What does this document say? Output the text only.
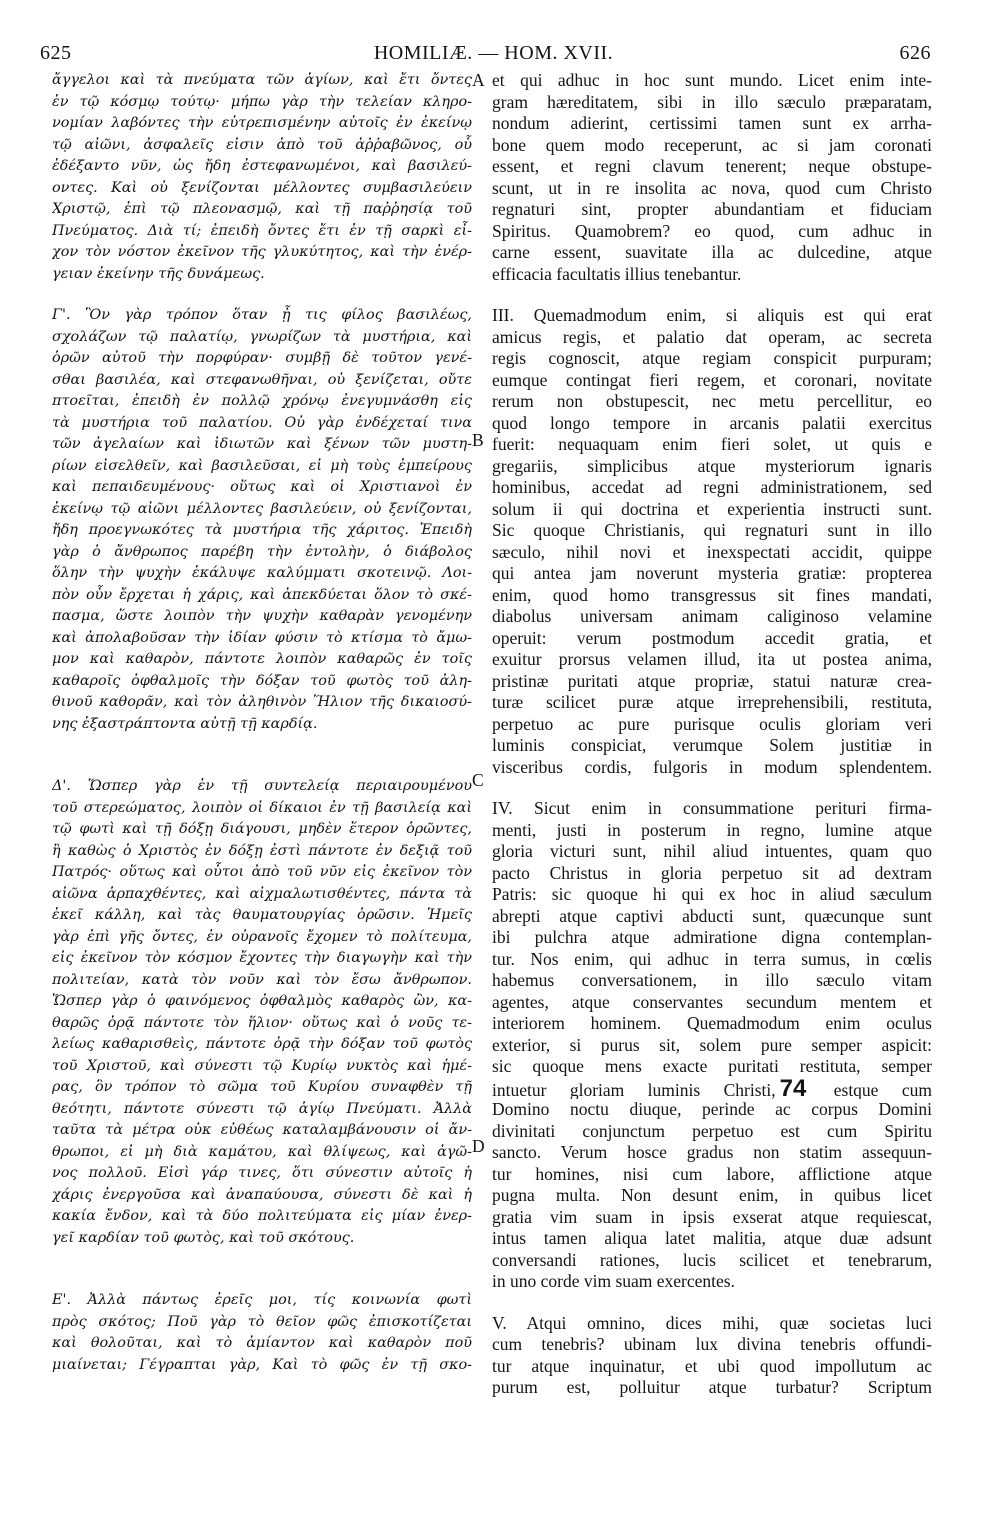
625	HOMILIÆ. — HOM. XVII.	626
ἄγγελοι καὶ τὰ πνεύματα τῶν ἁγίων, καὶ ἔτι ὄντες
ἐν τῷ κόσμῳ τούτῳ· μήπω γὰρ τὴν τελείαν κληρο-
νομίαν λαβόντες τὴν εὐτρεπισμένην αὐτοῖς ἐν ἐκείνῳ
τῷ αἰῶνι, ἀσφαλεῖς εἰσιν ἀπὸ τοῦ ἀῤῥαβῶνος, οὗ
ἐδέξαντο νῦν, ὡς ἤδη ἐστεφανωμένοι, καὶ βασιλεύ-
οντες. Καὶ οὐ ξενίζονται μέλλοντες συμβασιλεύειν
Χριστῷ, ἐπὶ τῷ πλεονασμῷ, καὶ τῇ παῤῥησίᾳ τοῦ
Πνεύματος. Διὰ τί; ἐπειδὴ ὄντες ἔτι ἐν τῇ σαρκὶ εἶ-
χον τὸν νόστον ἐκεῖνον τῆς γλυκύτητος, καὶ τὴν ἐνέρ-
γειαν ἐκείνην τῆς δυνάμεως.
Γ'. Ὃν γὰρ τρόπον ὅταν ᾖ τις φίλος βασιλέως,
σχολάζων τῷ παλατίῳ, γνωρίζων τὰ μυστήρια, καὶ
ὁρῶν αὐτοῦ τὴν πορφύραν· συμβῇ δὲ τοῦτον γενέ-
σθαι βασιλέα, καὶ στεφανωθῆναι, οὐ ξενίζεται, οὔτε
πτοεῖται, ἐπειδὴ ἐν πολλῷ χρόνῳ ἐνεγυμνάσθη εἰς
τὰ μυστήρια τοῦ παλατίου. Οὐ γὰρ ἐνδέχεταί τινα
τῶν ἀγελαίων καὶ ἰδιωτῶν καὶ ξένων τῶν μυστη-
ρίων εἰσελθεῖν, καὶ βασιλεῦσαι, εἰ μὴ τοὺς ἐμπείρους
καὶ πεπαιδευμένους· οὕτως καὶ οἱ Χριστιανοὶ ἐν
ἐκείνῳ τῷ αἰῶνι μέλλοντες βασιλεύειν, οὐ ξενίζονται,
ἤδη προεγνωκότες τὰ μυστήρια τῆς χάριτος. Ἐπειδὴ
γὰρ ὁ ἄνθρωπος παρέβη τὴν ἐντολὴν, ὁ διάβολος
ὅλην τὴν ψυχὴν ἐκάλυψε καλύμματι σκοτεινῷ. Λοι-
πὸν οὖν ἔρχεται ἡ χάρις, καὶ ἀπεκδύεται ὅλον τὸ σκέ-
πασμα, ὥστε λοιπὸν τὴν ψυχὴν καθαρὰν γενομένην
καὶ ἀπολαβοῦσαν τὴν ἰδίαν φύσιν τὸ κτίσμα τὸ ἄμω-
μον καὶ καθαρὸν, πάντοτε λοιπὸν καθαρῶς ἐν τοῖς
καθαροῖς ὀφθαλμοῖς τὴν δόξαν τοῦ φωτὸς τοῦ ἀλη-
θινοῦ καθορᾶν, καὶ τὸν ἀληθινὸν Ἥλιον τῆς δικαιοσύ-
νης ἐξαστράπτοντα αὐτῇ τῇ καρδίᾳ.
Δ'. Ὥσπερ γὰρ ἐν τῇ συντελείᾳ περιαιρουμένου
τοῦ στερεώματος, λοιπὸν οἱ δίκαιοι ἐν τῇ βασιλείᾳ καὶ
τῷ φωτὶ καὶ τῇ δόξῃ διάγουσι, μηδὲν ἕτερον ὁρῶντες,
ἢ καθὼς ὁ Χριστὸς ἐν δόξῃ ἐστὶ πάντοτε ἐν δεξιᾷ τοῦ
Πατρός· οὕτως καὶ οὗτοι ἀπὸ τοῦ νῦν εἰς ἐκεῖνον τὸν
αἰῶνα ἁρπαχθέντες, καὶ αἰχμαλωτισθέντες, πάντα τὰ
ἐκεῖ κάλλη, καὶ τὰς θαυματουργίας ὁρῶσιν. Ἡμεῖς
γὰρ ἐπὶ γῆς ὄντες, ἐν οὐρανοῖς ἔχομεν τὸ πολίτευμα,
εἰς ἐκεῖνον τὸν κόσμον ἔχοντες τὴν διαγωγὴν καὶ τὴν
πολιτείαν, κατὰ τὸν νοῦν καὶ τὸν ἔσω ἄνθρωπον.
Ὥσπερ γὰρ ὁ φαινόμενος ὀφθαλμὸς καθαρὸς ὢν, κα-
θαρῶς ὁρᾷ πάντοτε τὸν ἥλιον· οὕτως καὶ ὁ νοῦς τε-
λείως καθαρισθεὶς, πάντοτε ὁρᾷ τὴν δόξαν τοῦ φωτὸς
τοῦ Χριστοῦ, καὶ σύνεστι τῷ Κυρίῳ νυκτὸς καὶ ἡμέ-
ρας, ὃν τρόπον τὸ σῶμα τοῦ Κυρίου συναφθὲν τῇ
θεότητι, πάντοτε σύνεστι τῷ ἁγίῳ Πνεύματι. Ἀλλὰ
ταῦτα τὰ μέτρα οὐκ εὐθέως καταλαμβάνουσιν οἱ ἄν-
θρωποι, εἰ μὴ διὰ καμάτου, καὶ θλίψεως, καὶ ἀγῶ-
νος πολλοῦ. Εἰσὶ γάρ τινες, ὅτι σύνεστιν αὐτοῖς ἡ
χάρις ἐνεργοῦσα καὶ ἀναπαύουσα, σύνεστι δὲ καὶ ἡ
κακία ἔνδον, καὶ τὰ δύο πολιτεύματα εἰς μίαν ἐνερ-
γεῖ καρδίαν τοῦ φωτὸς, καὶ τοῦ σκότους.
Ε'. Ἀλλὰ πάντως ἐρεῖς μοι, τίς κοινωνία φωτὶ
πρὸς σκότος; Ποῦ γὰρ τὸ θεῖον φῶς ἐπισκοτίζεται
καὶ θολοῦται, καὶ τὸ ἀμίαντον καὶ καθαρὸν ποῦ
μιαίνεται; Γέγραπται γὰρ, Καὶ τὸ φῶς ἐν τῇ σκο-
et qui adhuc in hoc sunt mundo. Licet enim inte-
gram hæreditatem, sibi in illo sæculo præparatam,
nondum adierint, certissimi tamen sunt ex arrha-
bone quem modo receperunt, ac si jam coronati
essent, et regni clavum tenerent; neque obstupe-
scunt, ut in re insolita ac nova, quod cum Christo
regnaturi sint, propter abundantiam et fiduciam
Spiritus. Quamobrem? eo quod, cum adhuc in
carne essent, suavitate illa ac dulcedine, atque
efficacia facultatis illius tenebantur.
III. Quemadmodum enim, si aliquis est qui erat
amicus regis, et palatio dat operam, ac secreta
regis cognoscit, atque regiam conspicit purpuram;
eumque contingat fieri regem, et coronari, novitate
rerum non obstupescit, nec metu percellitur, eo
quod longo tempore in arcanis palatii exercitus
fuerit: nequaquam enim fieri solet, ut quis e
gregariis, simplicibus atque mysteriorum ignaris
hominibus, accedat ad regni administrationem, sed
solum ii qui doctrina et experientia instructi sunt.
Sic quoque Christianis, qui regnaturi sunt in illo
sæculo, nihil novi et inexspectati accidit, quippe
qui antea jam noverunt mysteria gratiæ: propterea
enim, quod homo transgressus sit fines mandati,
diabolus universam animam caliginoso velamine
operuit: verum postmodum accedit gratia, et
exuitur prorsus velamen illud, ita ut postea anima,
pristinæ puritati atque propriæ, statui naturæ crea-
turæ scilicet puræ atque irreprehensibili, restituta,
perpetuo ac pure purisque oculis gloriam veri
luminis conspiciat, verumque Solem justitiæ in
visceribus cordis, fulgoris in modum splendentem.
IV. Sicut enim in consummatione perituri firma-
menti, justi in posterum in regno, lumine atque
gloria victuri sunt, nihil aliud intuentes, quam quo
pacto Christus in gloria perpetuo sit ad dextram
Patris: sic quoque hi qui ex hoc in aliud sæculum
abrepti atque captivi abducti sunt, quæcunque sunt
ibi pulchra atque admiratione digna contemplan-
tur. Nos enim, qui adhuc in terra sumus, in cœlis
habemus conversationem, in illo sæculo vitam
agentes, atque conservantes secundum mentem et
interiorem hominem. Quemadmodum enim oculus
exterior, si purus sit, solem pure semper aspicit:
sic quoque mens exacte puritati restituta, semper
intuetur gloriam luminis Christi, 74 estque cum
Domino noctu diuque, perinde ac corpus Domini
divinitati conjunctum perpetuo est cum Spiritu
sancto. Verum hosce gradus non statim assequun-
tur homines, nisi cum labore, afflictione atque
pugna multa. Non desunt enim, in quibus licet
gratia vim suam in ipsis exserat atque requiescat,
intus tamen aliqua latet malitia, atque duæ adsunt
conversandi rationes, lucis scilicet et tenebrarum,
in uno corde vim suam exercentes.
V. Atqui omnino, dices mihi, quæ societas luci
cum tenebris? ubinam lux divina tenebris offundi-
tur atque inquinatur, et ubi quod impollutum ac
purum est, polluitur atque turbatur? Scriptum
A
B
C
D
